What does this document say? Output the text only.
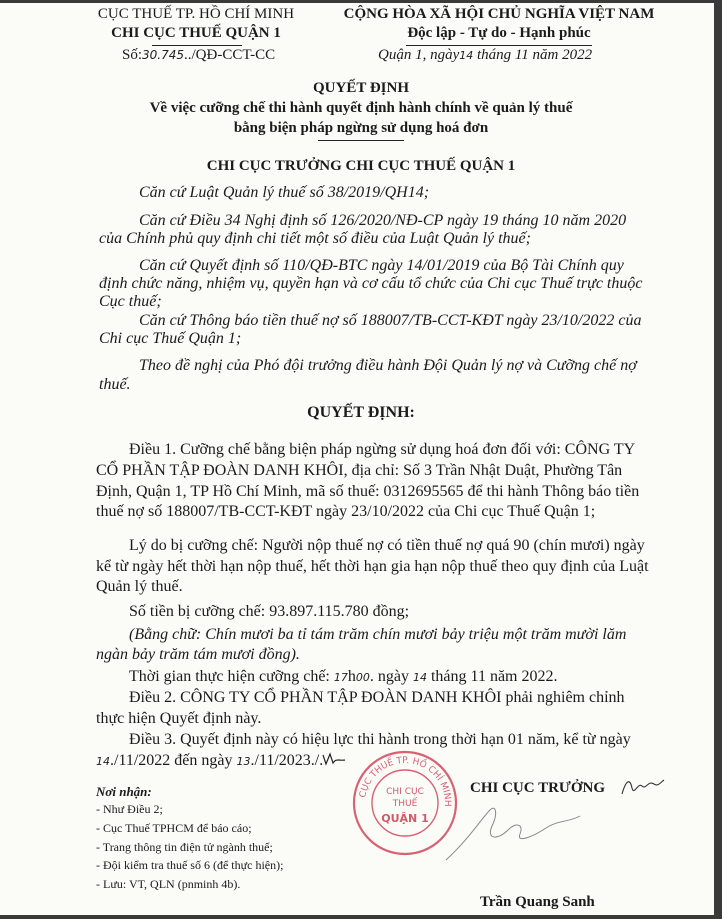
CỤC THUẾ TP. HỒ CHÍ MINH
CHI CỤC THUẾ QUẬN 1
Số:30.745../QĐ-CCT-CC
CỘNG HÒA XÃ HỘI CHỦ NGHĨA VIỆT NAM
Độc lập - Tự do - Hạnh phúc
Quận 1, ngày14 tháng 11 năm 2022
QUYẾT ĐỊNH
Về việc cưỡng chế thi hành quyết định hành chính về quản lý thuế
bằng biện pháp ngừng sử dụng hoá đơn
CHI CỤC TRƯỞNG CHI CỤC THUẾ QUẬN 1
Căn cứ Luật Quản lý thuế số 38/2019/QH14;
Căn cứ Điều 34 Nghị định số 126/2020/NĐ-CP ngày 19 tháng 10 năm 2020
của Chính phủ quy định chi tiết một số điều của Luật Quản lý thuế;
Căn cứ Quyết định số 110/QĐ-BTC ngày 14/01/2019 của Bộ Tài Chính quy
định chức năng, nhiệm vụ, quyền hạn và cơ cấu tổ chức của Chi cục Thuế trực thuộc
Cục thuế;
Căn cứ Thông báo tiền thuế nợ số 188007/TB-CCT-KĐT ngày 23/10/2022 của
Chi cục Thuế Quận 1;
Theo đề nghị của Phó đội trưởng điều hành Đội Quản lý nợ và Cưỡng chế nợ
thuế.
QUYẾT ĐỊNH:
Điều 1. Cưỡng chế bằng biện pháp ngừng sử dụng hoá đơn đối với: CÔNG TY
CỔ PHẦN TẬP ĐOÀN DANH KHÔI, địa chỉ: Số 3 Trần Nhật Duật, Phường Tân
Định, Quận 1, TP Hồ Chí Minh, mã số thuế: 0312695565 để thi hành Thông báo tiền
thuế nợ số 188007/TB-CCT-KĐT ngày 23/10/2022 của Chi cục Thuế Quận 1;
Lý do bị cưỡng chế: Người nộp thuế nợ có tiền thuế nợ quá 90 (chín mươi) ngày
kể từ ngày hết thời hạn nộp thuế, hết thời hạn gia hạn nộp thuế theo quy định của Luật
Quản lý thuế.
Số tiền bị cưỡng chế: 93.897.115.780 đồng;
(Bằng chữ: Chín mươi ba tỉ tám trăm chín mươi bảy triệu một trăm mười lăm
ngàn bảy trăm tám mươi đồng).
Thời gian thực hiện cưỡng chế: 17h00. ngày 14 tháng 11 năm 2022.
Điều 2. CÔNG TY CỔ PHẦN TẬP ĐOÀN DANH KHÔI phải nghiêm chỉnh
thực hiện Quyết định này.
Điều 3. Quyết định này có hiệu lực thi hành trong thời hạn 01 năm, kể từ ngày
14./11/2022 đến ngày 13./11/2023./.
Nơi nhận:
- Như Điều 2;
- Cục Thuế TPHCM để báo cáo;
- Trang thông tin điện tử ngành thuế;
- Đội kiểm tra thuế số 6 (để thực hiện);
- Lưu: VT, QLN (pnminh 4b).
CỤC THUẾ TP. HỒ CHÍ MINH
CHI CỤC
THUẾ
QUẬN 1
CHI CỤC TRƯỞNG
Trần Quang Sanh
